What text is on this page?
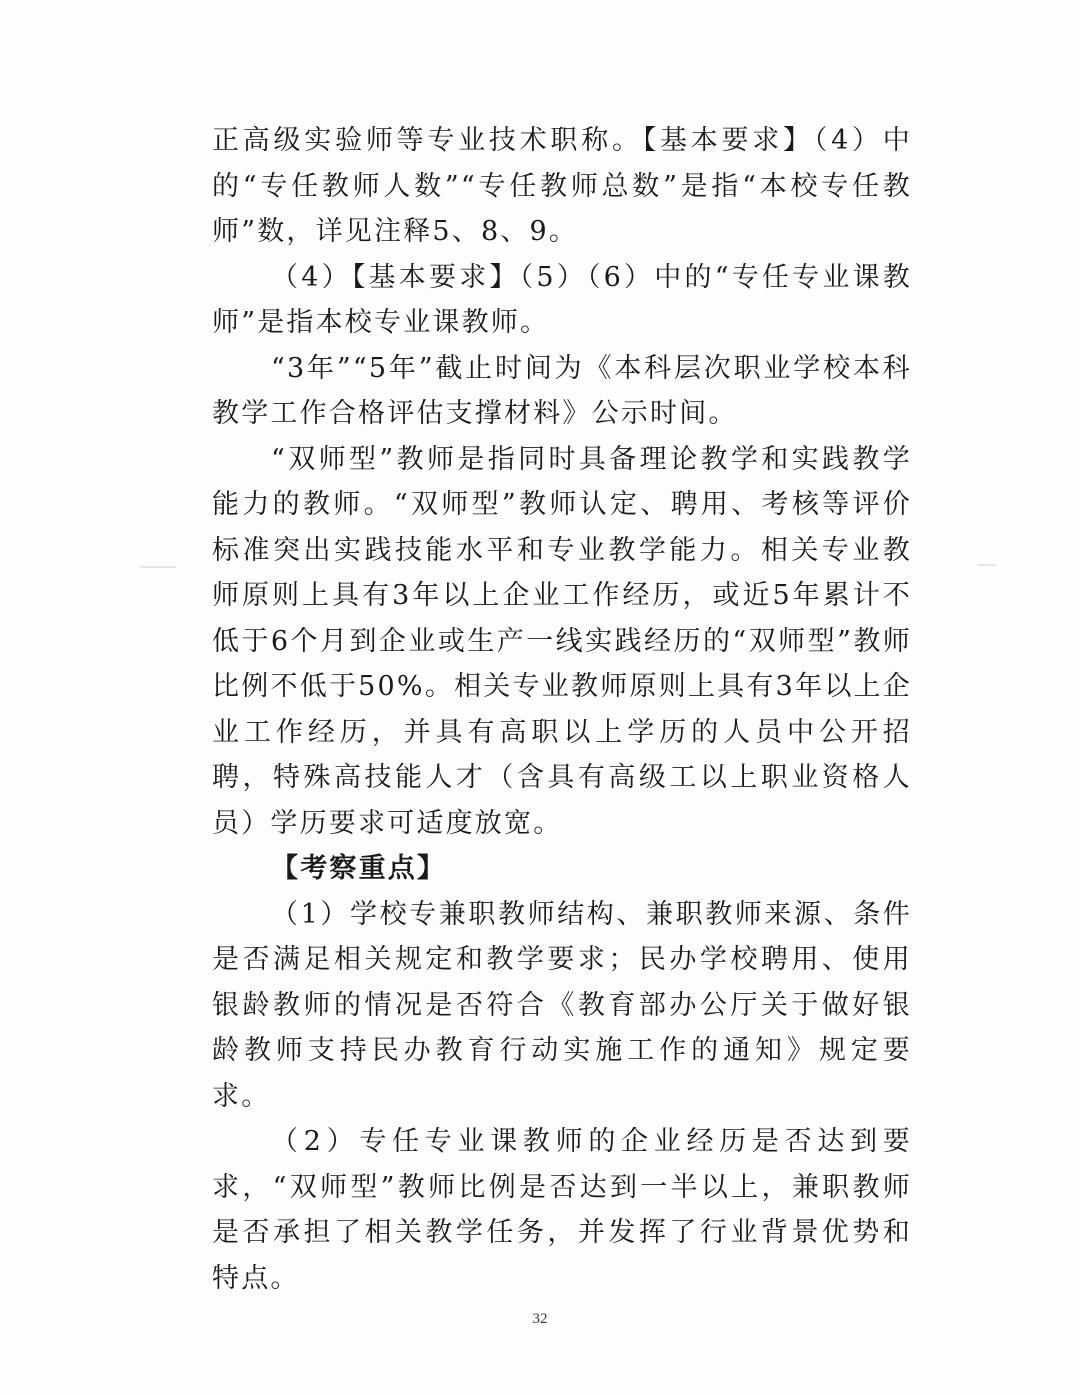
正高级实验师等专业技术职称。【基本要求】（4）中的“专任教师人数”“专任教师总数”是指“本校专任教师”数，详见注释5、8、9。

（4）【基本要求】（5）（6）中的“专任专业课教师”是指本校专业课教师。

“3年”“5年”截止时间为《本科层次职业学校本科教学工作合格评估支撑材料》公示时间。

“双师型”教师是指同时具备理论教学和实践教学能力的教师。“双师型”教师认定、聘用、考核等评价标准突出实践技能水平和专业教学能力。相关专业教师原则上具有3年以上企业工作经历，或近5年累计不低于6个月到企业或生产一线实践经历的“双师型”教师比例不低于50%。相关专业教师原则上具有3年以上企业工作经历，并具有高职以上学历的人员中公开招聘，特殊高技能人才（含具有高级工以上职业资格人员）学历要求可适度放宽。

【考察重点】

（1）学校专兼职教师结构、兼职教师来源、条件是否满足相关规定和教学要求；民办学校聘用、使用银龄教师的情况是否符合《教育部办公厅关于做好银龄教师支持民办教育行动实施工作的通知》规定要求。

（2）专任专业课教师的企业经历是否达到要求，“双师型”教师比例是否达到一半以上，兼职教师是否承担了相关教学任务，并发挥了行业背景优势和特点。

32
